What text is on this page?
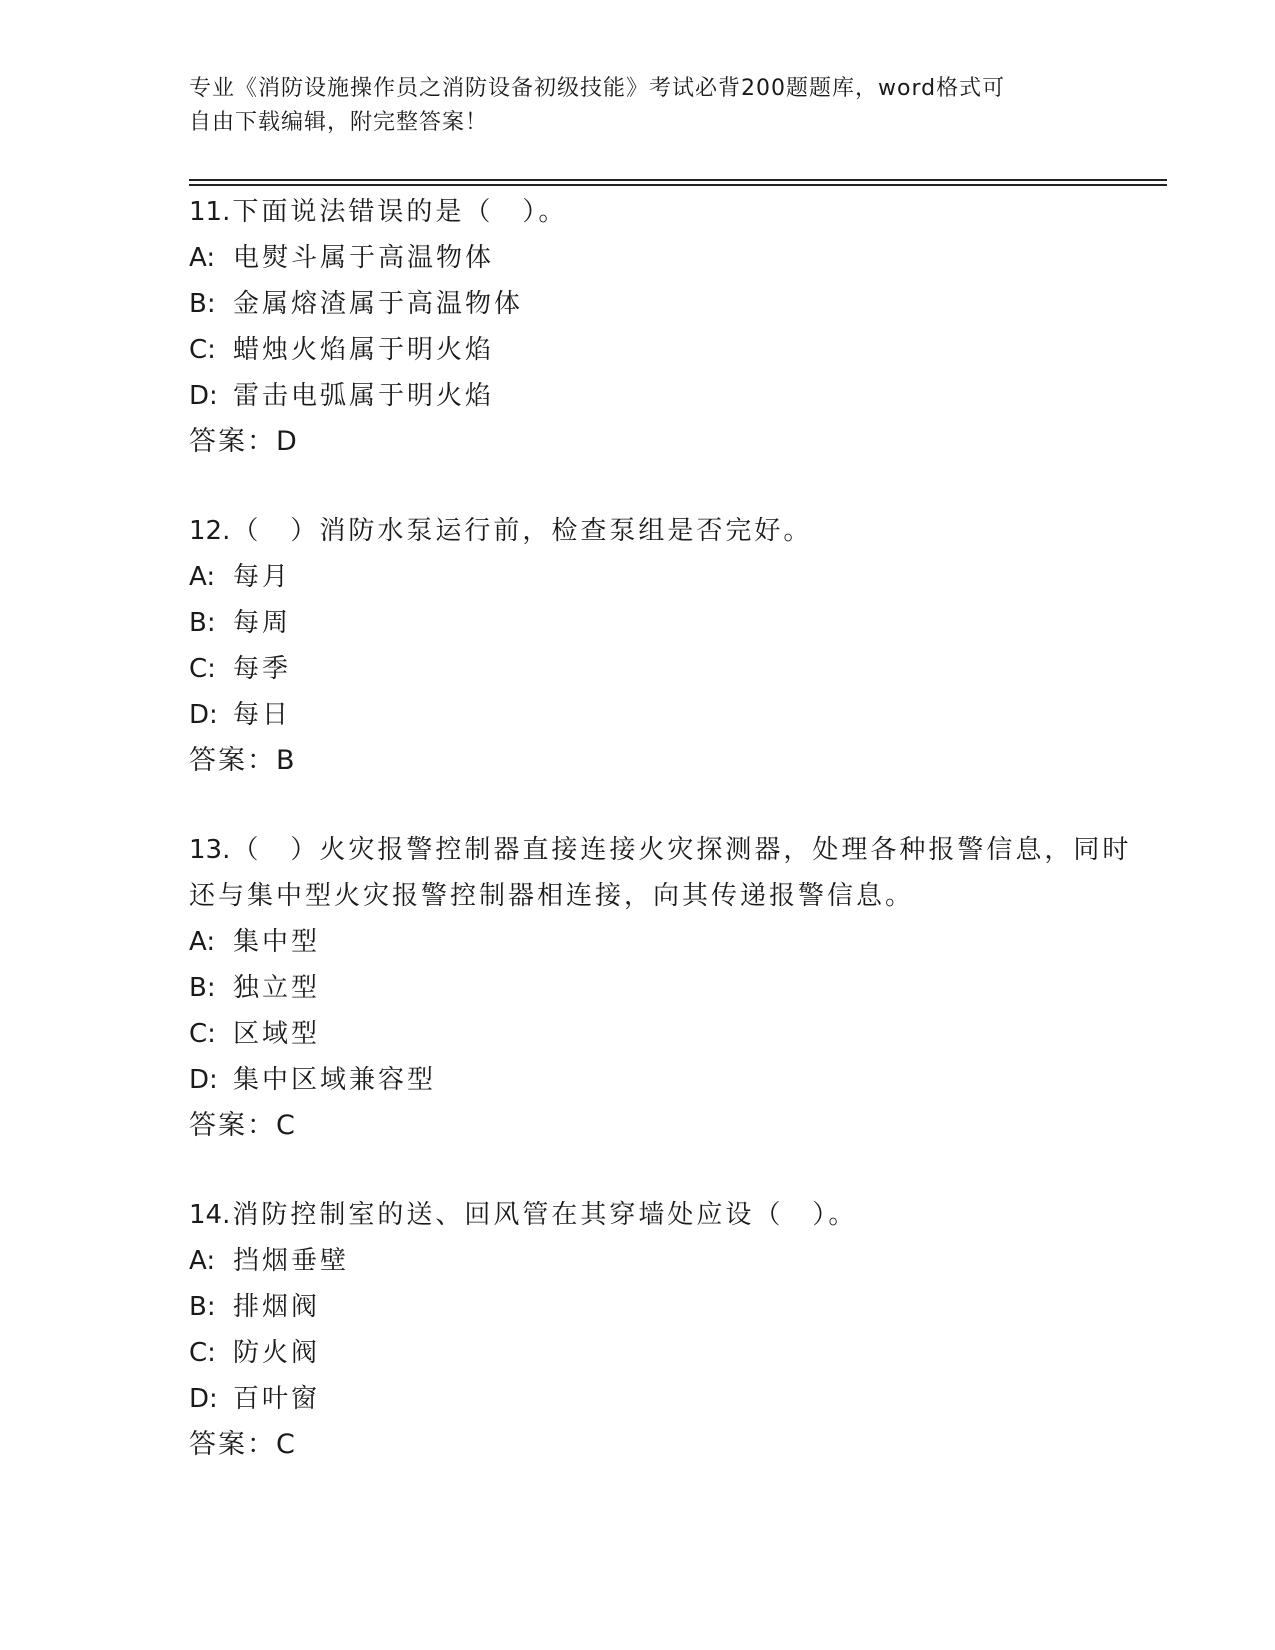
专业《消防设施操作员之消防设备初级技能》考试必背200题题库，word格式可
自由下载编辑，附完整答案！
11.下面说法错误的是（　）。
A: 电熨斗属于高温物体
B: 金属熔渣属于高温物体
C: 蜡烛火焰属于明火焰
D: 雷击电弧属于明火焰
答案：D
12.（　）消防水泵运行前，检查泵组是否完好。
A: 每月
B: 每周
C: 每季
D: 每日
答案：B
13.（　）火灾报警控制器直接连接火灾探测器，处理各种报警信息，同时还与集中型火灾报警控制器相连接，向其传递报警信息。
A: 集中型
B: 独立型
C: 区域型
D: 集中区域兼容型
答案：C
14.消防控制室的送、回风管在其穿墙处应设（　）。
A: 挡烟垂壁
B: 排烟阀
C: 防火阀
D: 百叶窗
答案：C
